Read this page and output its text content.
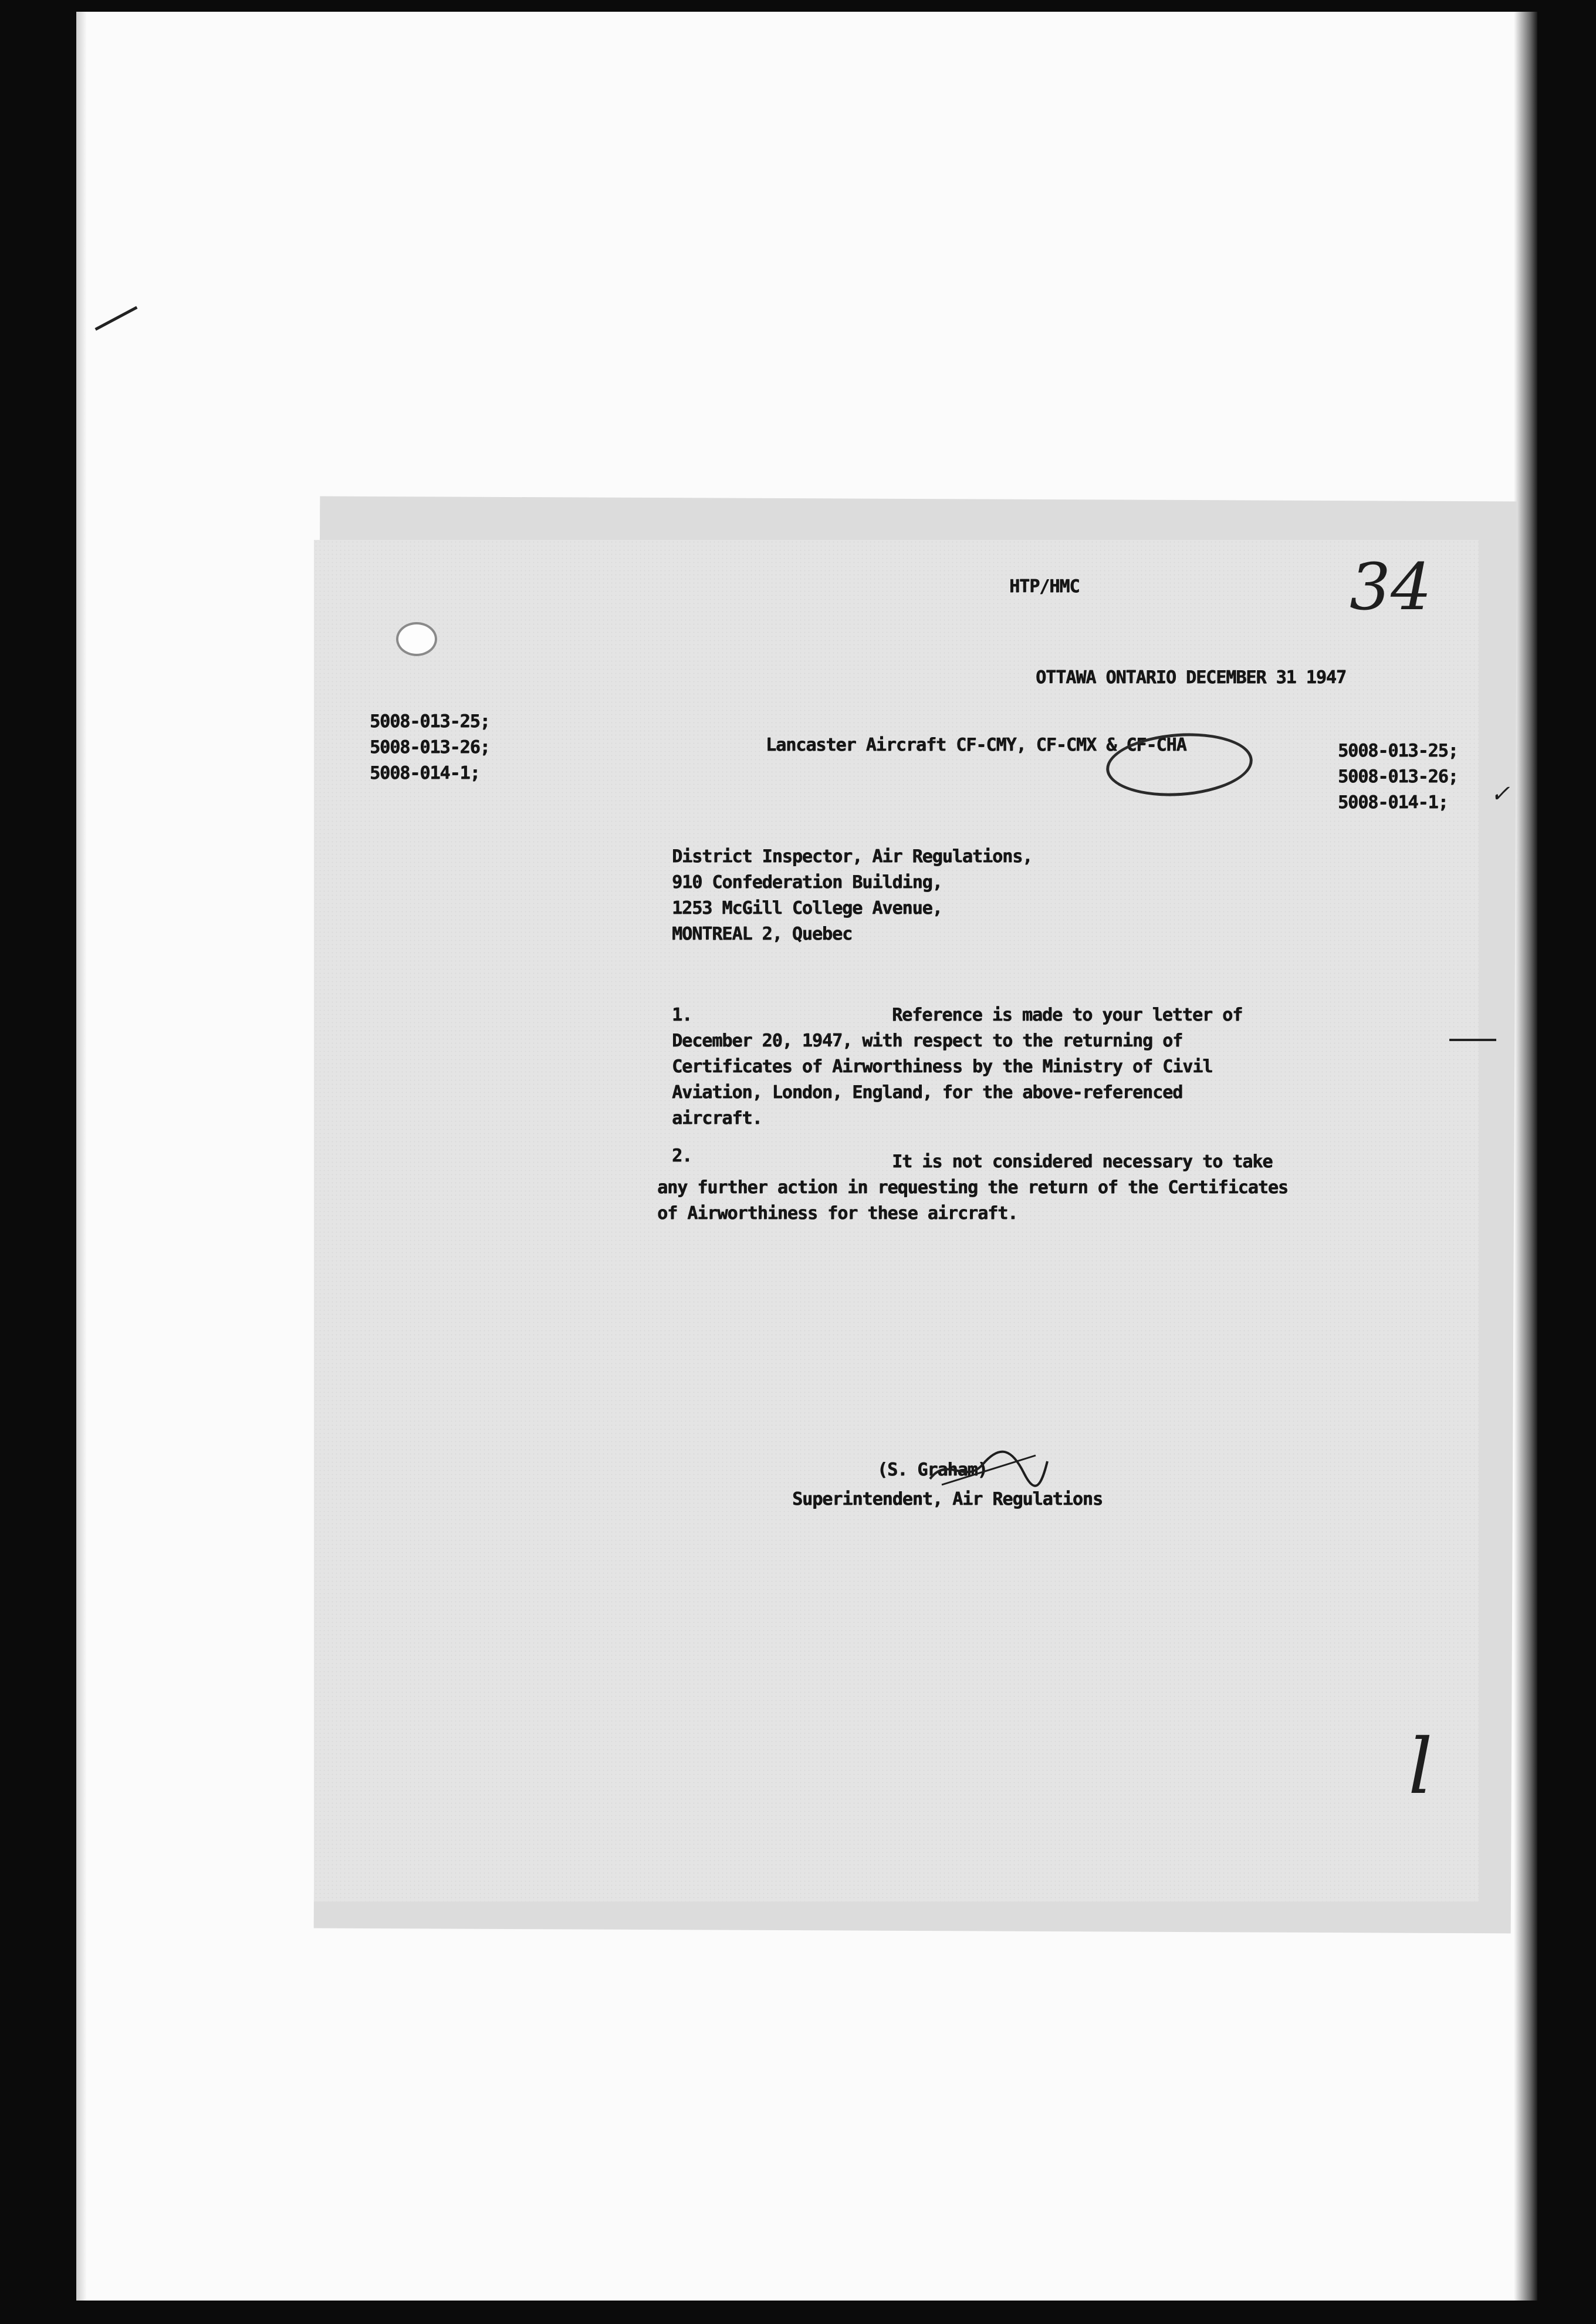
HTP/HMC	34
OTTAWA ONTARIO DECEMBER 31 1947
5008-013-25;
5008-013-26;
5008-014-1;
Lancaster Aircraft CF-CMY, CF-CMX & CF-CHA	5008-013-25;
5008-013-26;
5008-014-1;	✓
District Inspector, Air Regulations,
910 Confederation Building,
1253 McGill College Avenue,
MONTREAL 2, Quebec
1.	Reference is made to your letter of
December 20, 1947, with respect to the returning of
Certificates of Airworthiness by the Ministry of Civil
Aviation, London, England, for the above-referenced
aircraft.
2.	It is not considered necessary to take
any further action in requesting the return of the Certificates
of Airworthiness for these aircraft.
(S. Graham)
Superintendent, Air Regulations
l
